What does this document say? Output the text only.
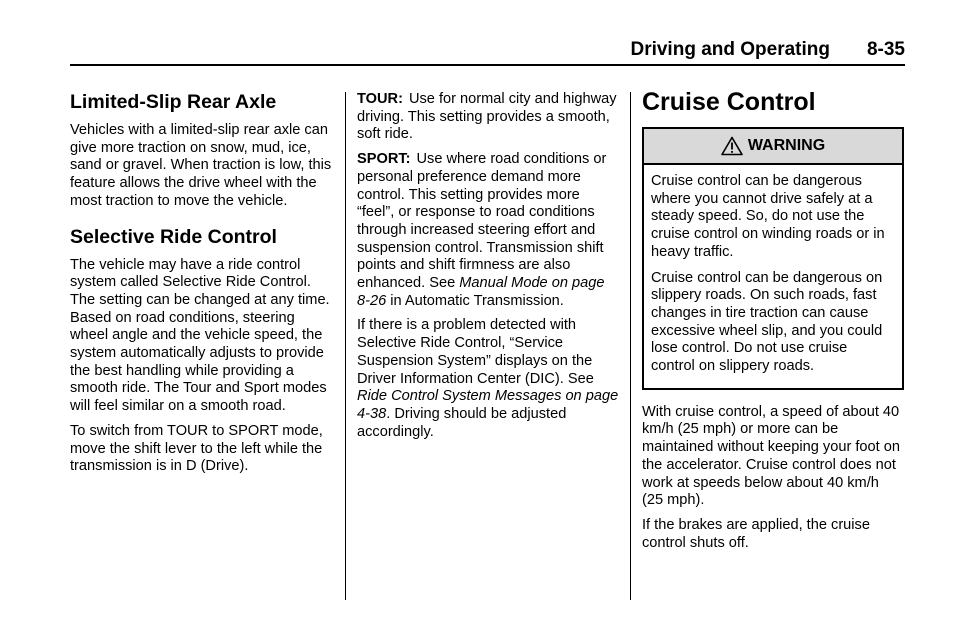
Driving and Operating	8-35
Limited-Slip Rear Axle

Vehicles with a limited-slip rear axle can give more traction on snow, mud, ice, sand or gravel. When traction is low, this feature allows the drive wheel with the most traction to move the vehicle.

Selective Ride Control

The vehicle may have a ride control system called Selective Ride Control. The setting can be changed at any time. Based on road conditions, steering wheel angle and the vehicle speed, the system automatically adjusts to provide the best handling while providing a smooth ride. The Tour and Sport modes will feel similar on a smooth road.

To switch from TOUR to SPORT mode, move the shift lever to the left while the transmission is in D (Drive).

TOUR: Use for normal city and highway driving. This setting provides a smooth, soft ride.

SPORT: Use where road conditions or personal preference demand more control. This setting provides more “feel”, or response to road conditions through increased steering effort and suspension control. Transmission shift points and shift firmness are also enhanced. See Manual Mode on page 8-26 in Automatic Transmission.

If there is a problem detected with Selective Ride Control, “Service Suspension System” displays on the Driver Information Center (DIC). See Ride Control System Messages on page 4-38. Driving should be adjusted accordingly.

Cruise Control
WARNING

Cruise control can be dangerous where you cannot drive safely at a steady speed. So, do not use the cruise control on winding roads or in heavy traffic.

Cruise control can be dangerous on slippery roads. On such roads, fast changes in tire traction can cause excessive wheel slip, and you could lose control. Do not use cruise control on slippery roads.

With cruise control, a speed of about 40 km/h (25 mph) or more can be maintained without keeping your foot on the accelerator. Cruise control does not work at speeds below about 40 km/h (25 mph).

If the brakes are applied, the cruise control shuts off.
